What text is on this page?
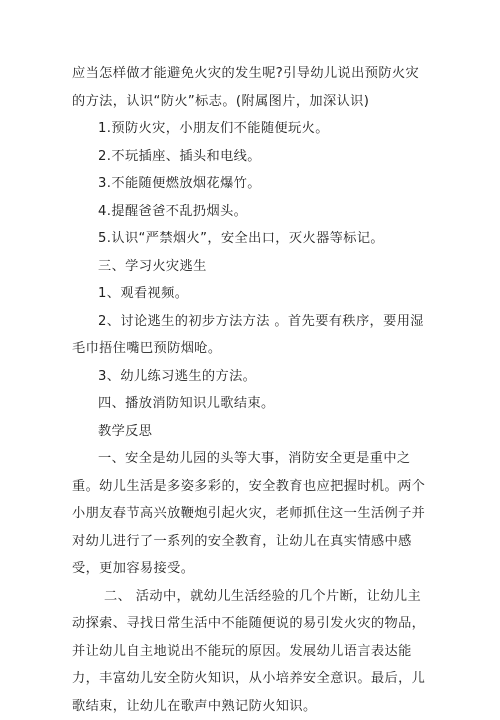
应当怎样做才能避免火灾的发生呢?引导幼儿说出预防火灾的方法，认识“防火”标志。(附属图片，加深认识)

1.预防火灾，小朋友们不能随便玩火。

2.不玩插座、插头和电线。

3.不能随便燃放烟花爆竹。

4.提醒爸爸不乱扔烟头。

5.认识“严禁烟火”，安全出口，灭火器等标记。

三、学习火灾逃生

1、观看视频。

2、讨论逃生的初步方法方法 。首先要有秩序，要用湿毛巾捂住嘴巴预防烟呛。

3、幼儿练习逃生的方法。

四、播放消防知识儿歌结束。

教学反思

一、安全是幼儿园的头等大事，消防安全更是重中之重。幼儿生活是多姿多彩的，安全教育也应把握时机。两个小朋友春节高兴放鞭炮引起火灾，老师抓住这一生活例子并对幼儿进行了一系列的安全教育，让幼儿在真实情感中感受，更加容易接受。

二、 活动中，就幼儿生活经验的几个片断，让幼儿主动探索、寻找日常生活中不能随便说的易引发火灾的物品，并让幼儿自主地说出不能玩的原因。发展幼儿语言表达能力，丰富幼儿安全防火知识，从小培养安全意识。最后，儿歌结束，让幼儿在歌声中熟记防火知识。
